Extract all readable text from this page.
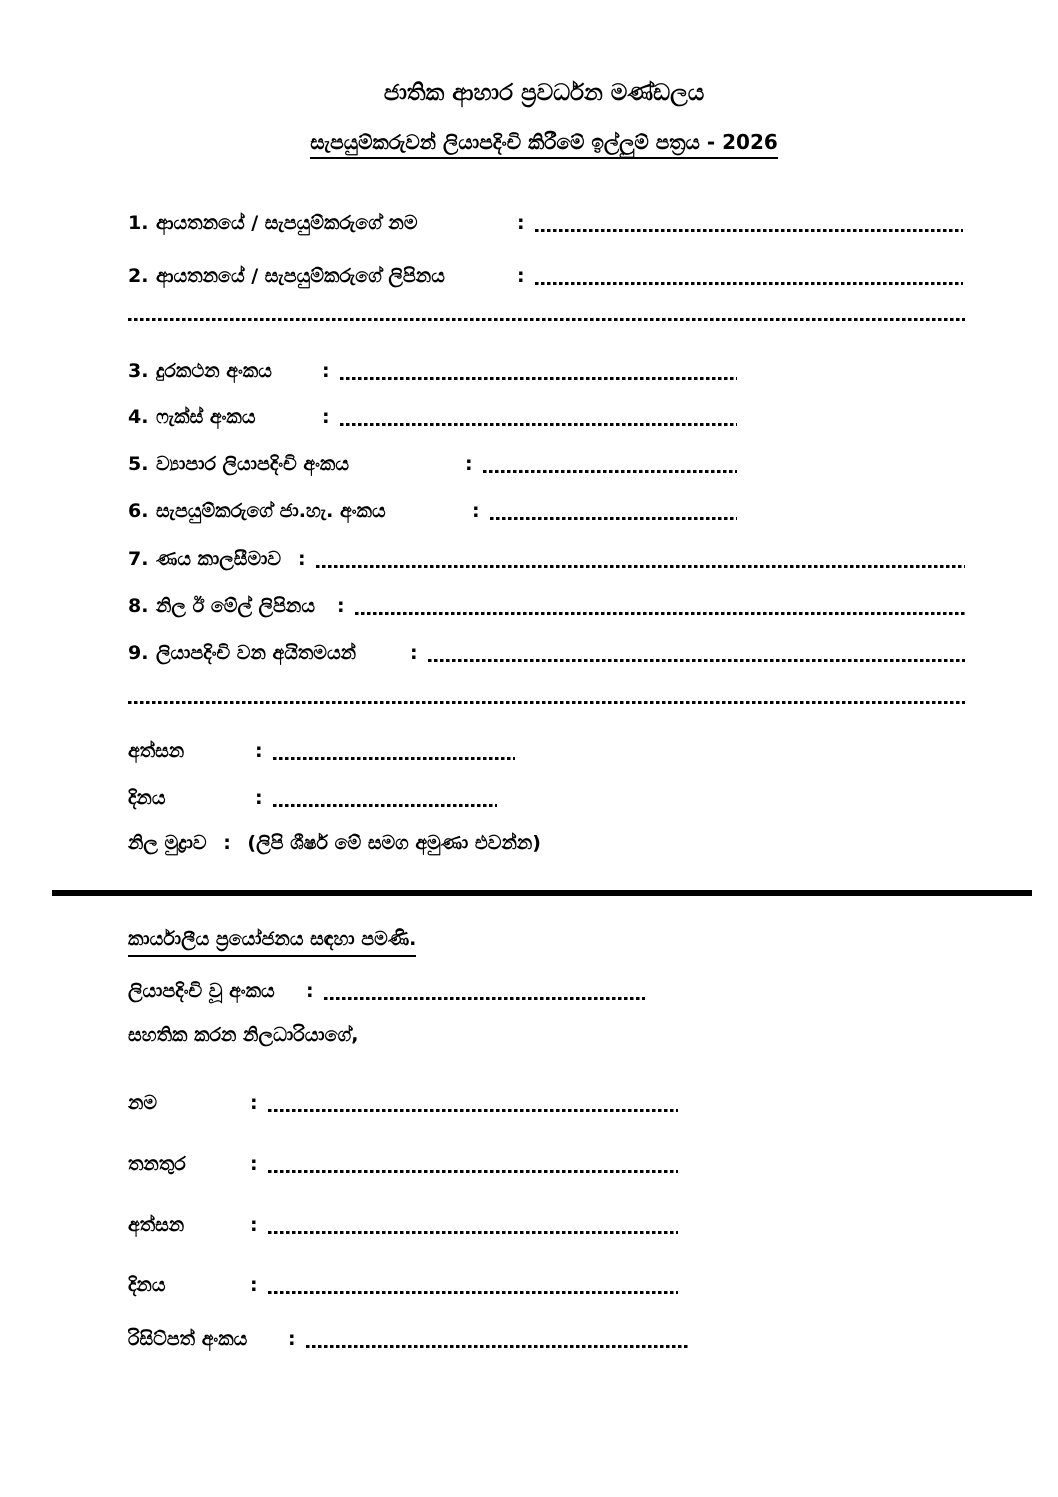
ජාතික ආහාර ප්‍රවර්ධන මණ්ඩලය
සැපයුම්කරුවන් ලියාපදිංචි කිරීමේ ඉල්ලුම් පත්‍රය - 2026
1. ආයතනයේ / සැපයුම්කරුගේ නම	:
2. ආයතනයේ / සැපයුම්කරුගේ ලිපිනය	:
3. දුරකථන අංකය	:
4. ෆැක්ස් අංකය	:
5. ව්‍යාපාර ලියාපදිංචි අංකය	:
6. සැපයුම්කරුගේ ජා.හැ. අංකය	:
7. ණය කාලසීමාව :
8. නිල ඊ මේල් ලිපිනය	:
9. ලියාපදිංචි වන අයිතමයන්	:
අත්සන	:
දිනය	:
නිල මුද්‍රාව : (ලිපි ශීර්ෂ මේ සමග අමුණා එවන්න)
කාර්යාලීය ප්‍රයෝජනය සඳහා පමණි.
ලියාපදිංචි වූ අංකය	:
සහතික කරන නිලධාරියාගේ,
නම	:
තනතුර	:
අත්සන	:
දිනය	:
රිසිට්පත් අංකය	:
